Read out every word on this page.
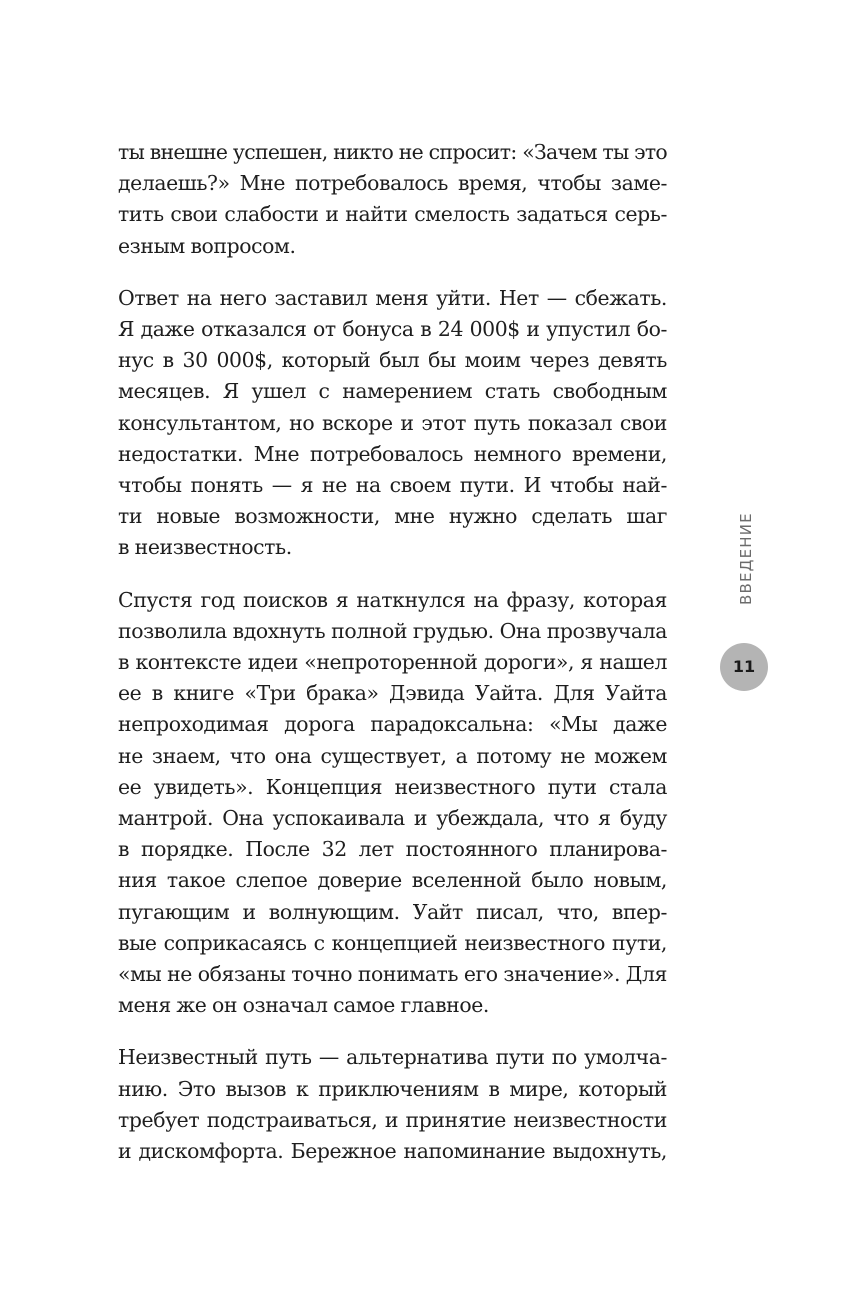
ты внешне успешен, никто не спросит: «Зачем ты это
делаешь?» Мне потребовалось время, чтобы заме-
тить свои слабости и найти смелость задаться серь-
езным вопросом.

Ответ на него заставил меня уйти. Нет — сбежать.
Я даже отказался от бонуса в 24 000$ и упустил бо-
нус в 30 000$, который был бы моим через девять
месяцев. Я ушел с намерением стать свободным
консультантом, но вскоре и этот путь показал свои
недостатки. Мне потребовалось немного времени,
чтобы понять — я не на своем пути. И чтобы най-
ти новые возможности, мне нужно сделать шаг
в неизвестность.

Спустя год поисков я наткнулся на фразу, которая
позволила вдохнуть полной грудью. Она прозвучала
в контексте идеи «непроторенной дороги», я нашел
ее в книге «Три брака» Дэвида Уайта. Для Уайта
непроходимая дорога парадоксальна: «Мы даже
не знаем, что она существует, а потому не можем
ее увидеть». Концепция неизвестного пути стала
мантрой. Она успокаивала и убеждала, что я буду
в порядке. После 32 лет постоянного планирова-
ния такое слепое доверие вселенной было новым,
пугающим и волнующим. Уайт писал, что, впер-
вые соприкасаясь с концепцией неизвестного пути,
«мы не обязаны точно понимать его значение». Для
меня же он означал самое главное.

Неизвестный путь — альтернатива пути по умолча-
нию. Это вызов к приключениям в мире, который
требует подстраиваться, и принятие неизвестности
и дискомфорта. Бережное напоминание выдохнуть,

ВВЕДЕНИЕ
11
